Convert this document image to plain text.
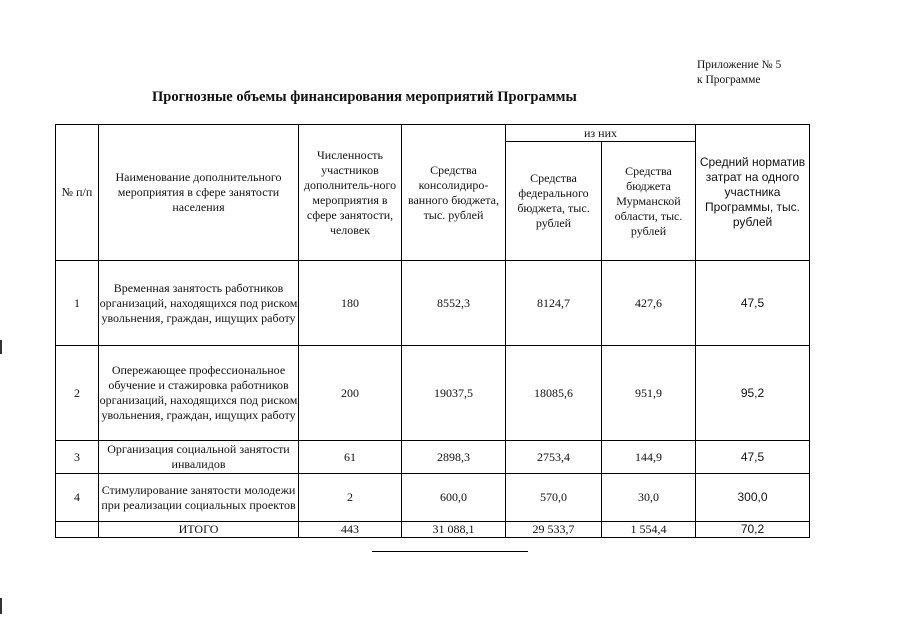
Приложение № 5
к Программе
Прогнозные объемы финансирования мероприятий Программы
№ п/п	Наименование дополнительного мероприятия в сфере занятости населения	Численность участников дополнитель-ного мероприятия в сфере занятости, человек	Средства консолидиро-ванного бюджета, тыс. рублей	из них		Средний норматив затрат на одного участника Программы, тыс. рублей
				Средства федерального бюджета, тыс. рублей	Средства бюджета Мурманской области, тыс. рублей	
1	Временная занятость работников организаций, находящихся под риском увольнения, граждан, ищущих работу	180	8552,3	8124,7	427,6	47,5
2	Опережающее профессиональное обучение и стажировка работников организаций, находящихся под риском увольнения, граждан, ищущих работу	200	19037,5	18085,6	951,9	95,2
3	Организация социальной занятости инвалидов	61	2898,3	2753,4	144,9	47,5
4	Стимулирование занятости молодежи при реализации социальных проектов	2	600,0	570,0	30,0	300,0
	ИТОГО	443	31 088,1	29 533,7	1 554,4	70,2
